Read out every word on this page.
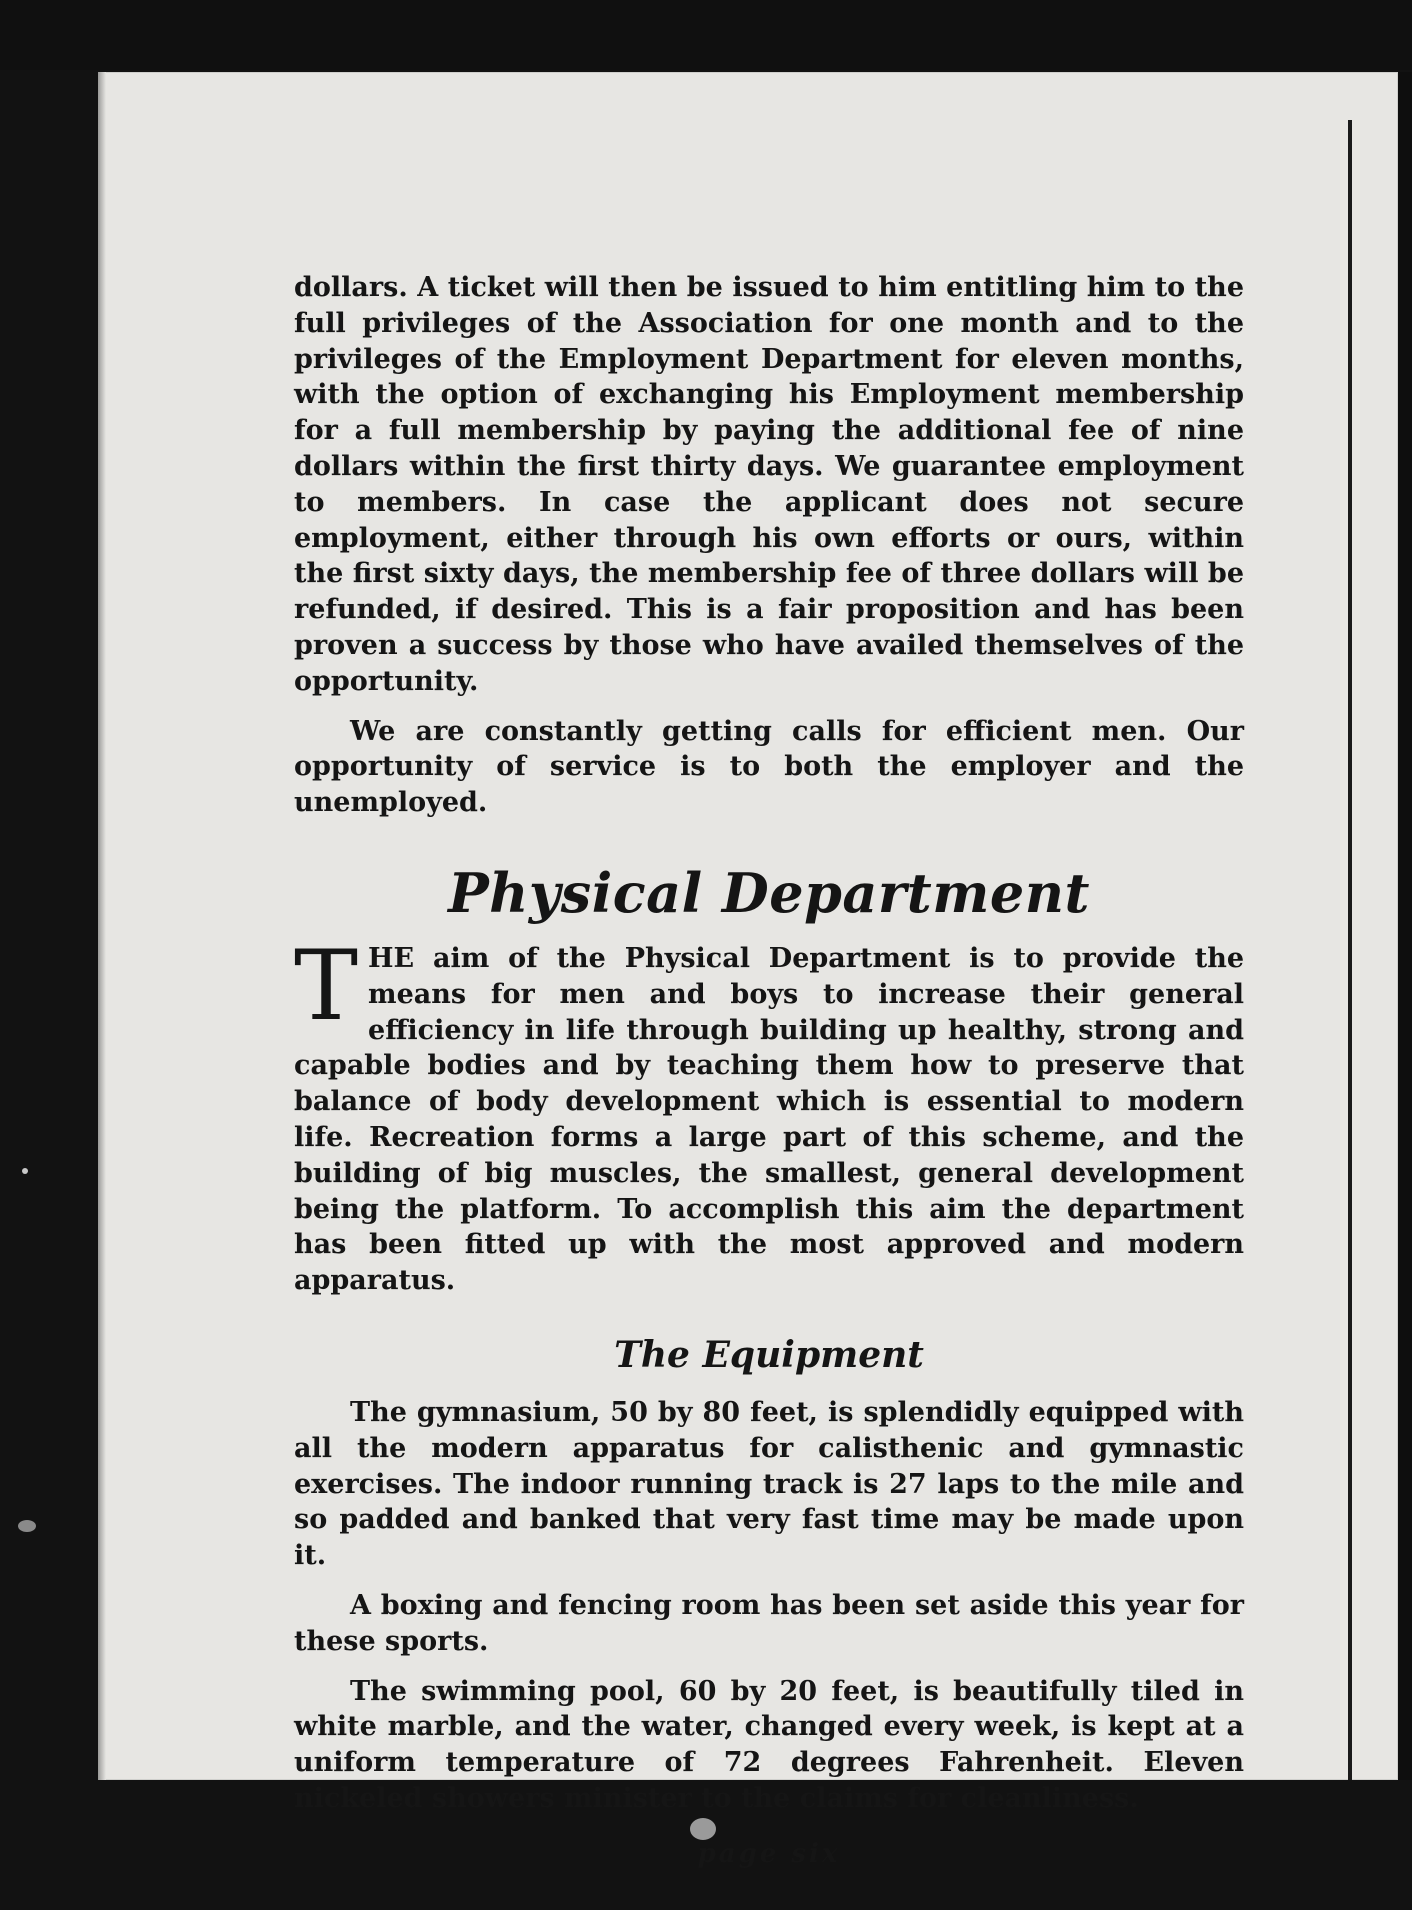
dollars. A ticket will then be issued to him entitling him to the full privileges of the Association for one month and to the privileges of the Employment Department for eleven months, with the option of exchanging his Employment membership for a full membership by paying the additional fee of nine dollars within the first thirty days. We guarantee employment to members. In case the applicant does not secure employment, either through his own efforts or ours, within the first sixty days, the membership fee of three dollars will be refunded, if desired. This is a fair proposition and has been proven a success by those who have availed themselves of the opportunity.

We are constantly getting calls for efficient men. Our opportunity of service is to both the employer and the unemployed.

Physical Department

T HE aim of the Physical Department is to provide the means for men and boys to increase their general efficiency in life through building up healthy, strong and capable bodies and by teaching them how to preserve that balance of body development which is essential to modern life. Recreation forms a large part of this scheme, and the building of big muscles, the smallest, general development being the platform. To accomplish this aim the department has been fitted up with the most approved and modern apparatus.

The Equipment

The gymnasium, 50 by 80 feet, is splendidly equipped with all the modern apparatus for calisthenic and gymnastic exercises. The indoor running track is 27 laps to the mile and so padded and banked that very fast time may be made upon it.

A boxing and fencing room has been set aside this year for these sports.

The swimming pool, 60 by 20 feet, is beautifully tiled in white marble, and the water, changed every week, is kept at a uniform temperature of 72 degrees Fahrenheit. Eleven nickeled showers minister to the claims for cleanliness.

page six
